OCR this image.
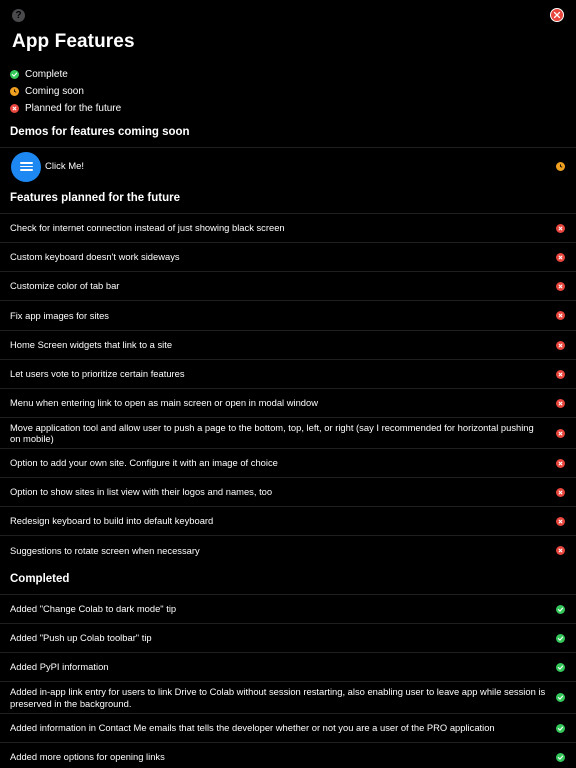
?
App Features
Complete
Coming soon
Planned for the future
Demos for features coming soon
Click Me!
Features planned for the future
Check for internet connection instead of just showing black screen
Custom keyboard doesn't work sideways
Customize color of tab bar
Fix app images for sites
Home Screen widgets that link to a site
Let users vote to prioritize certain features
Menu when entering link to open as main screen or open in modal window
Move application tool and allow user to push a page to the bottom, top, left, or right (say I recommended for horizontal pushing on mobile)
Option to add your own site. Configure it with an image of choice
Option to show sites in list view with their logos and names, too
Redesign keyboard to build into default keyboard
Suggestions to rotate screen when necessary
Completed
Added "Change Colab to dark mode" tip
Added "Push up Colab toolbar" tip
Added PyPI information
Added in-app link entry for users to link Drive to Colab without session restarting, also enabling user to leave app while session is preserved in the background.
Added information in Contact Me emails that tells the developer whether or not you are a user of the PRO application
Added more options for opening links
